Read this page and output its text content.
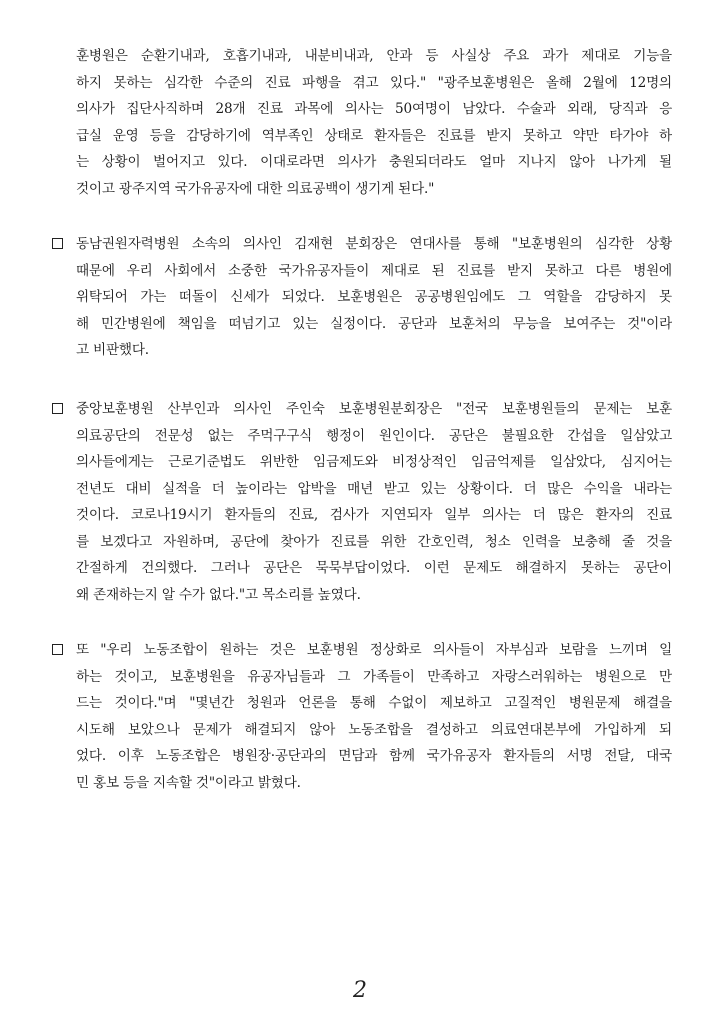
훈병원은 순환기내과, 호흡기내과, 내분비내과, 안과 등 사실상 주요 과가 제대로 기능을
하지 못하는 심각한 수준의 진료 파행을 겪고 있다." "광주보훈병원은 올해 2월에 12명의
의사가 집단사직하며 28개 진료 과목에 의사는 50여명이 남았다. 수술과 외래, 당직과 응
급실 운영 등을 감당하기에 역부족인 상태로 환자들은 진료를 받지 못하고 약만 타가야 하
는 상황이 벌어지고 있다. 이대로라면 의사가 충원되더라도 얼마 지나지 않아 나가게 될
것이고 광주지역 국가유공자에 대한 의료공백이 생기게 된다."
동남권원자력병원 소속의 의사인 김재현 분회장은 연대사를 통해 "보훈병원의 심각한 상황
때문에 우리 사회에서 소중한 국가유공자들이 제대로 된 진료를 받지 못하고 다른 병원에
위탁되어 가는 떠돌이 신세가 되었다. 보훈병원은 공공병원임에도 그 역할을 감당하지 못
해 민간병원에 책임을 떠넘기고 있는 실정이다. 공단과 보훈처의 무능을 보여주는 것"이라
고 비판했다.
중앙보훈병원 산부인과 의사인 주인숙 보훈병원분회장은 "전국 보훈병원들의 문제는 보훈
의료공단의 전문성 없는 주먹구구식 행정이 원인이다. 공단은 불필요한 간섭을 일삼았고
의사들에게는 근로기준법도 위반한 임금제도와 비정상적인 임금억제를 일삼았다, 심지어는
전년도 대비 실적을 더 높이라는 압박을 매년 받고 있는 상황이다. 더 많은 수익을 내라는
것이다. 코로나19시기 환자들의 진료, 검사가 지연되자 일부 의사는 더 많은 환자의 진료
를 보겠다고 자원하며, 공단에 찾아가 진료를 위한 간호인력, 청소 인력을 보충해 줄 것을
간절하게 건의했다. 그러나 공단은 묵묵부답이었다. 이런 문제도 해결하지 못하는 공단이
왜 존재하는지 알 수가 없다."고 목소리를 높였다.
또 "우리 노동조합이 원하는 것은 보훈병원 정상화로 의사들이 자부심과 보람을 느끼며 일
하는 것이고, 보훈병원을 유공자님들과 그 가족들이 만족하고 자랑스러워하는 병원으로 만
드는 것이다."며 "몇년간 청원과 언론을 통해 수없이 제보하고 고질적인 병원문제 해결을
시도해 보았으나 문제가 해결되지 않아 노동조합을 결성하고 의료연대본부에 가입하게 되
었다. 이후 노동조합은 병원장·공단과의 면담과 함께 국가유공자 환자들의 서명 전달, 대국
민 홍보 등을 지속할 것"이라고 밝혔다.
2
